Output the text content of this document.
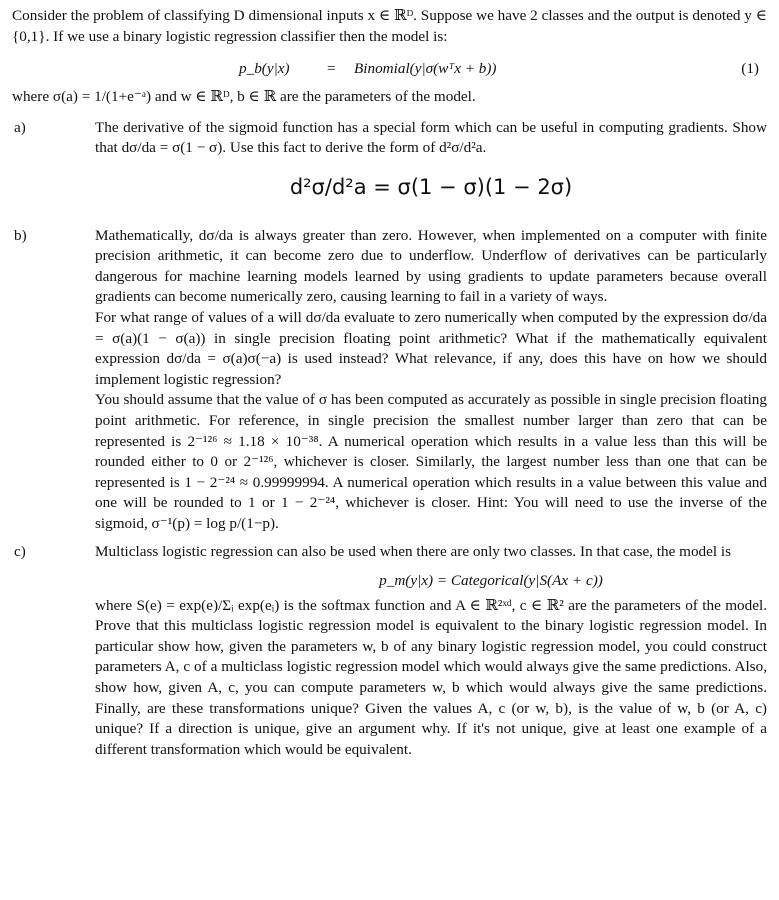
Consider the problem of classifying D dimensional inputs x ∈ ℝᴰ. Suppose we have 2 classes and the output is denoted y ∈ {0,1}. If we use a binary logistic regression classifier then the model is:

p_b(y|x) = Binomial(y|σ(wᵀx + b))	(1)

where σ(a) = 1/(1+e⁻ᵃ) and w ∈ ℝᴰ, b ∈ ℝ are the parameters of the model.

a)	The derivative of the sigmoid function has a special form which can be useful in computing gradients. Show that dσ/da = σ(1 − σ). Use this fact to derive the form of d²σ/d²a.

d²σ/d²a = σ(1 − σ)(1 − 2σ)
b)	Mathematically, dσ/da is always greater than zero. However, when implemented on a computer with finite precision arithmetic, it can become zero due to underflow. Underflow of derivatives can be particularly dangerous for machine learning models learned by using gradients to update parameters because overall gradients can become numerically zero, causing learning to fail in a variety of ways.

For what range of values of a will dσ/da evaluate to zero numerically when computed by the expression dσ/da = σ(a)(1 − σ(a)) in single precision floating point arithmetic? What if the mathematically equivalent expression dσ/da = σ(a)σ(−a) is used instead? What relevance, if any, does this have on how we should implement logistic regression?

You should assume that the value of σ has been computed as accurately as possible in single precision floating point arithmetic. For reference, in single precision the smallest number larger than zero that can be represented is 2⁻¹²⁶ ≈ 1.18 × 10⁻³⁸. A numerical operation which results in a value less than this will be rounded either to 0 or 2⁻¹²⁶, whichever is closer. Similarly, the largest number less than one that can be represented is 1 − 2⁻²⁴ ≈ 0.99999994. A numerical operation which results in a value between this value and one will be rounded to 1 or 1 − 2⁻²⁴, whichever is closer. Hint: You will need to use the inverse of the sigmoid, σ⁻¹(p) = log p/(1−p).

c)	Multiclass logistic regression can also be used when there are only two classes. In that case, the model is

p_m(y|x) = Categorical(y|S(Ax + c))

where S(e) = exp(e)/Σᵢ exp(eᵢ) is the softmax function and A ∈ ℝ²ˣᵈ, c ∈ ℝ² are the parameters of the model. Prove that this multiclass logistic regression model is equivalent to the binary logistic regression model. In particular show how, given the parameters w, b of any binary logistic regression model, you could construct parameters A, c of a multiclass logistic regression model which would always give the same predictions. Also, show how, given A, c, you can compute parameters w, b which would always give the same predictions. Finally, are these transformations unique? Given the values A, c (or w, b), is the value of w, b (or A, c) unique? If a direction is unique, give an argument why. If it's not unique, give at least one example of a different transformation which would be equivalent.
